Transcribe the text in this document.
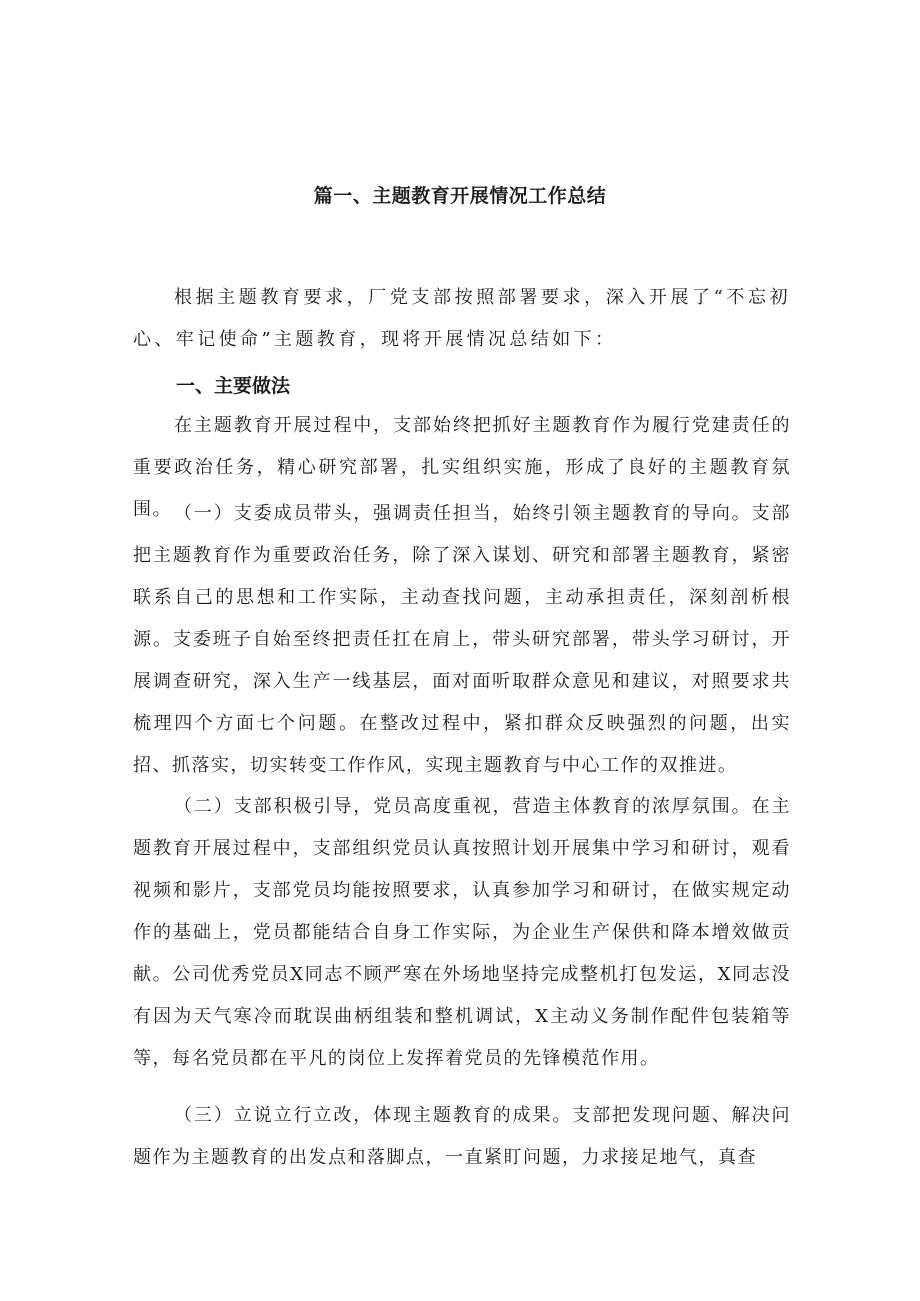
篇一、主题教育开展情况工作总结

根据主题教育要求，厂党支部按照部署要求，深入开展了“不忘初心、牢记使命”主题教育，现将开展情况总结如下：

一、主要做法

在主题教育开展过程中，支部始终把抓好主题教育作为履行党建责任的重要政治任务，精心研究部署，扎实组织实施，形成了良好的主题教育氛围。 （一）支委成员带头，强调责任担当，始终引领主题教育的导向。支部把主题教育作为重要政治任务，除了深入谋划、研究和部署主题教育，紧密联系自己的思想和工作实际，主动查找问题，主动承担责任，深刻剖析根源。支委班子自始至终把责任扛在肩上，带头研究部署，带头学习研讨，开展调查研究，深入生产一线基层，面对面听取群众意见和建议，对照要求共梳理四个方面七个问题。在整改过程中，紧扣群众反映强烈的问题，出实招、抓落实，切实转变工作作风，实现主题教育与中心工作的双推进。

（二）支部积极引导，党员高度重视，营造主体教育的浓厚氛围。在主题教育开展过程中，支部组织党员认真按照计划开展集中学习和研讨，观看视频和影片，支部党员均能按照要求，认真参加学习和研讨，在做实规定动作的基础上，党员都能结合自身工作实际，为企业生产保供和降本增效做贡献。公司优秀党员X同志不顾严寒在外场地坚持完成整机打包发运，X同志没有因为天气寒冷而耽误曲柄组装和整机调试，X主动义务制作配件包装箱等等，每名党员都在平凡的岗位上发挥着党员的先锋模范作用。

（三）立说立行立改，体现主题教育的成果。支部把发现问题、解决问题作为主题教育的出发点和落脚点，一直紧盯问题，力求接足地气，真查
